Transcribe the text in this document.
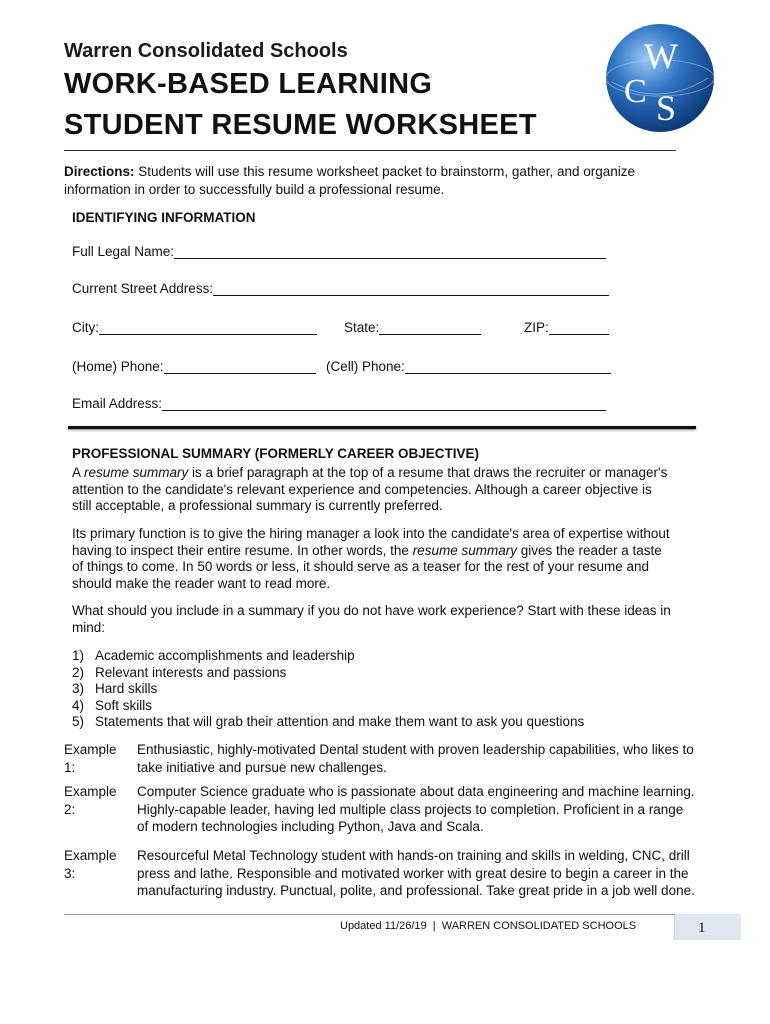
Warren Consolidated Schools
WORK-BASED LEARNING
STUDENT RESUME WORKSHEET
W
C S
Directions: Students will use this resume worksheet packet to brainstorm, gather, and organize information in order to successfully build a professional resume.
IDENTIFYING INFORMATION
Full Legal Name:
Current Street Address:
City:	State:	ZIP:
(Home) Phone:	(Cell) Phone:
Email Address:
PROFESSIONAL SUMMARY (FORMERLY CAREER OBJECTIVE)
A resume summary is a brief paragraph at the top of a resume that draws the recruiter or manager's attention to the candidate's relevant experience and competencies. Although a career objective is still acceptable, a professional summary is currently preferred.
Its primary function is to give the hiring manager a look into the candidate's area of expertise without having to inspect their entire resume. In other words, the resume summary gives the reader a taste of things to come. In 50 words or less, it should serve as a teaser for the rest of your resume and should make the reader want to read more.
What should you include in a summary if you do not have work experience? Start with these ideas in mind:
1) Academic accomplishments and leadership
2) Relevant interests and passions
3) Hard skills
4) Soft skills
5) Statements that will grab their attention and make them want to ask you questions
Example 1:
Enthusiastic, highly-motivated Dental student with proven leadership capabilities, who likes to take initiative and pursue new challenges.
Example 2:
Computer Science graduate who is passionate about data engineering and machine learning. Highly-capable leader, having led multiple class projects to completion. Proficient in a range of modern technologies including Python, Java and Scala.
Example 3:
Resourceful Metal Technology student with hands-on training and skills in welding, CNC, drill press and lathe. Responsible and motivated worker with great desire to begin a career in the manufacturing industry. Punctual, polite, and professional. Take great pride in a job well done.
Updated 11/26/19  |  WARREN CONSOLIDATED SCHOOLS	1
